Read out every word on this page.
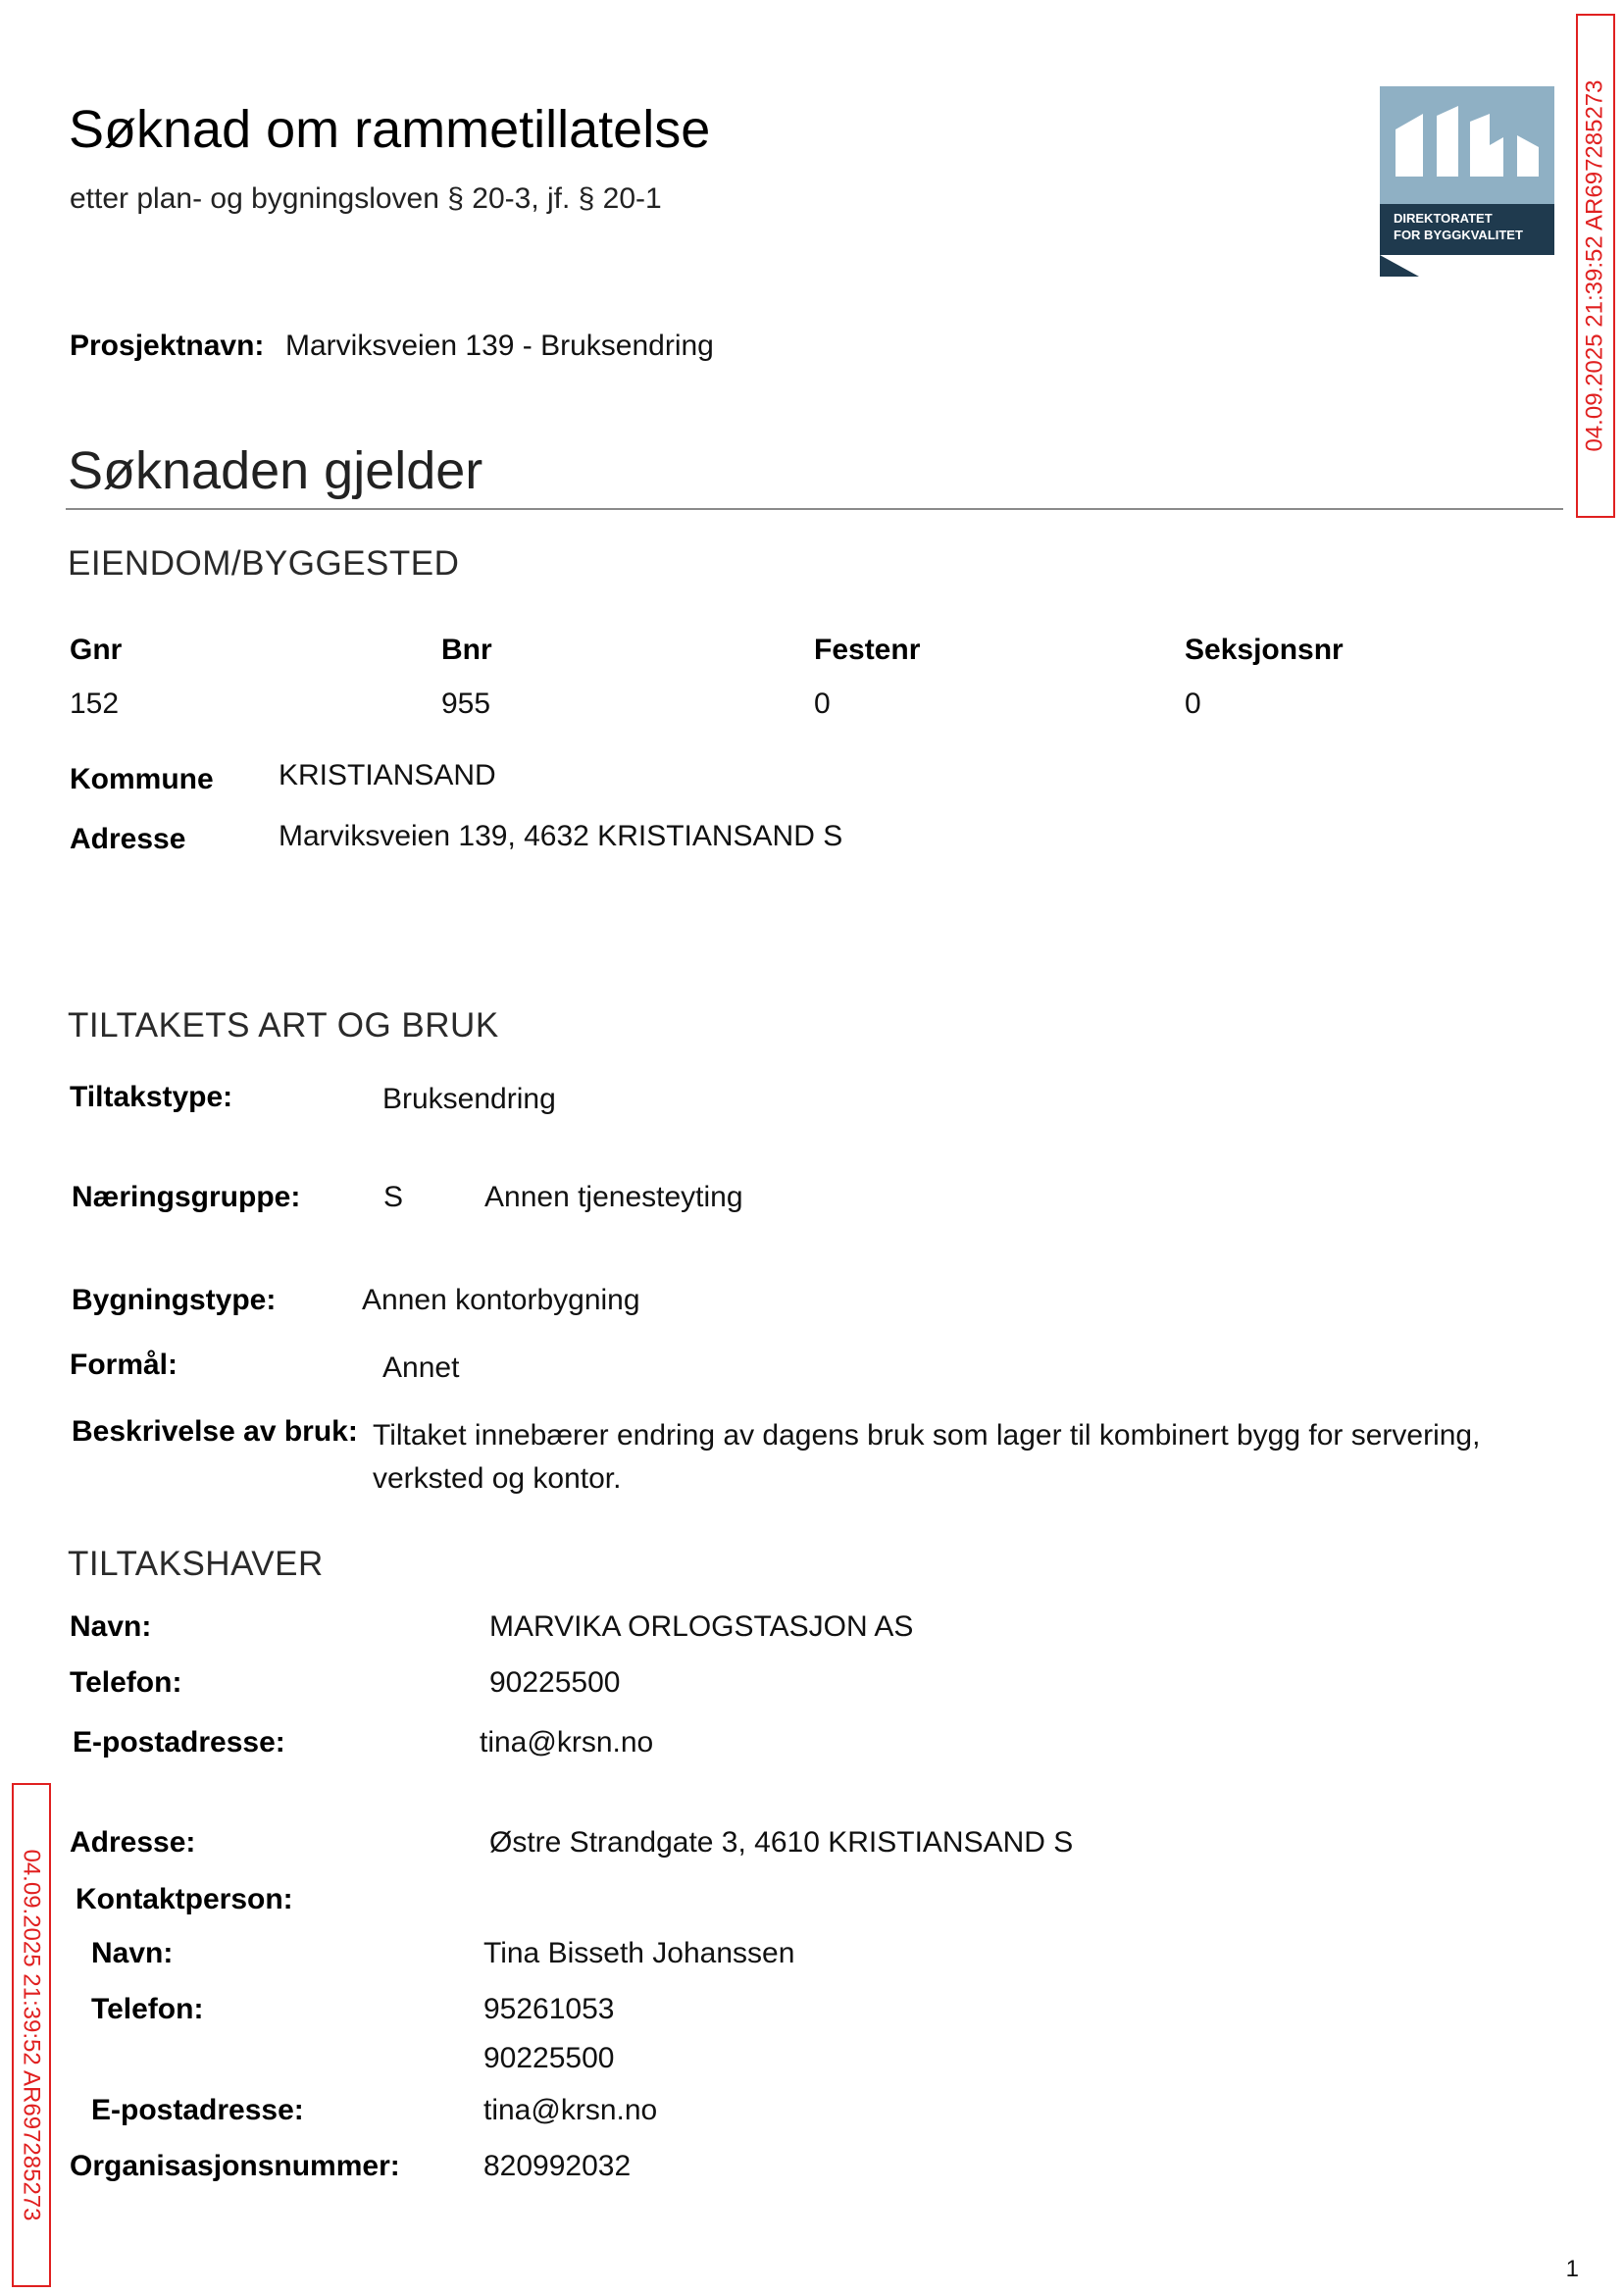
Søknad om rammetillatelse
etter plan- og bygningsloven § 20-3, jf. § 20-1
DIREKTORATET
FOR BYGGKVALITET	04.09.2025 21:39:52 AR697285273
04.09.2025 21:39:52 AR697285273
Prosjektnavn: Marviksveien 139 - Bruksendring
Søknaden gjelder
EIENDOM/BYGGESTED
Gnr	Bnr	Festenr	Seksjonsnr
152	955	0	0
Kommune KRISTIANSAND
Adresse	Marviksveien 139, 4632 KRISTIANSAND S
TILTAKETS ART OG BRUK
Tiltakstype:	Bruksendring
Næringsgruppe:	S	Annen tjenesteyting
Bygningstype:	Annen kontorbygning
Formål:	Annet
Beskrivelse av bruk: Tiltaket innebærer endring av dagens bruk som lager til kombinert bygg for servering, verksted og kontor.
TILTAKSHAVER
Navn:	MARVIKA ORLOGSTASJON AS
Telefon:	90225500
E-postadresse:	tina@krsn.no
Adresse:	Østre Strandgate 3, 4610 KRISTIANSAND S
Kontaktperson:
Navn:	Tina Bisseth Johanssen
Telefon:	95261053
90225500
E-postadresse:	tina@krsn.no
Organisasjonsnummer:	820992032
1
